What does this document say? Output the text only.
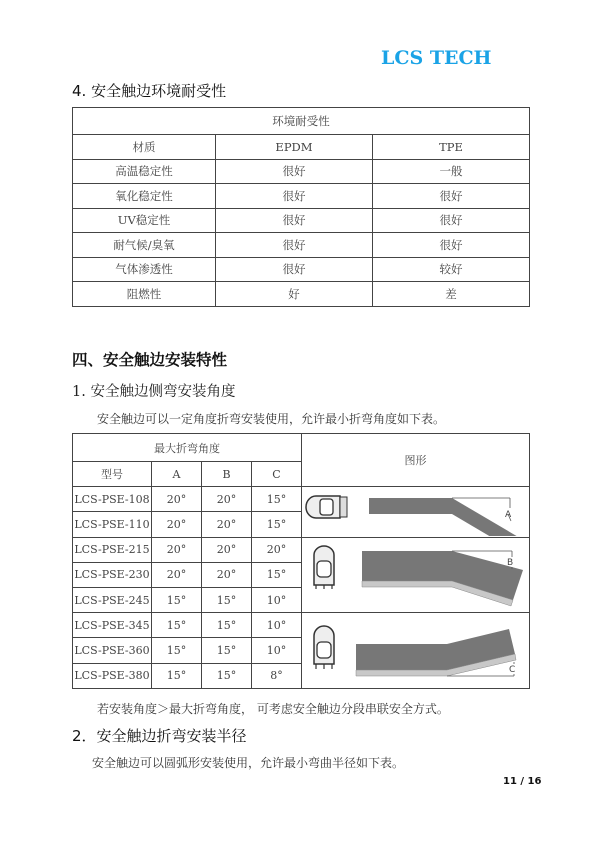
LCS TECH
4. 安全触边环境耐受性
环境耐受性		
材质	EPDM	TPE
高温稳定性	很好	一般
氧化稳定性	很好	很好
UV稳定性	很好	很好
耐气候/臭氧	很好	很好
气体渗透性	很好	较好
阻燃性	好	差
四、安全触边安装特性
1. 安全触边侧弯安装角度
安全触边可以一定角度折弯安装使用，允许最小折弯角度如下表。
最大折弯角度				图形
型号	A	B	C	
LCS-PSE-108	20°	20°	15°	A

LCS-PSE-110	20°	20°	15°	
LCS-PSE-215	20°	20°	20°	B

LCS-PSE-230	20°	20°	15°	
LCS-PSE-245	15°	15°	10°	
LCS-PSE-345	15°	15°	10°	C

LCS-PSE-360	15°	15°	10°	
LCS-PSE-380	15°	15°	8°	
若安装角度＞最大折弯角度， 可考虑安全触边分段串联安全方式。
2．安全触边折弯安装半径
安全触边可以圆弧形安装使用，允许最小弯曲半径如下表。
11 / 16
